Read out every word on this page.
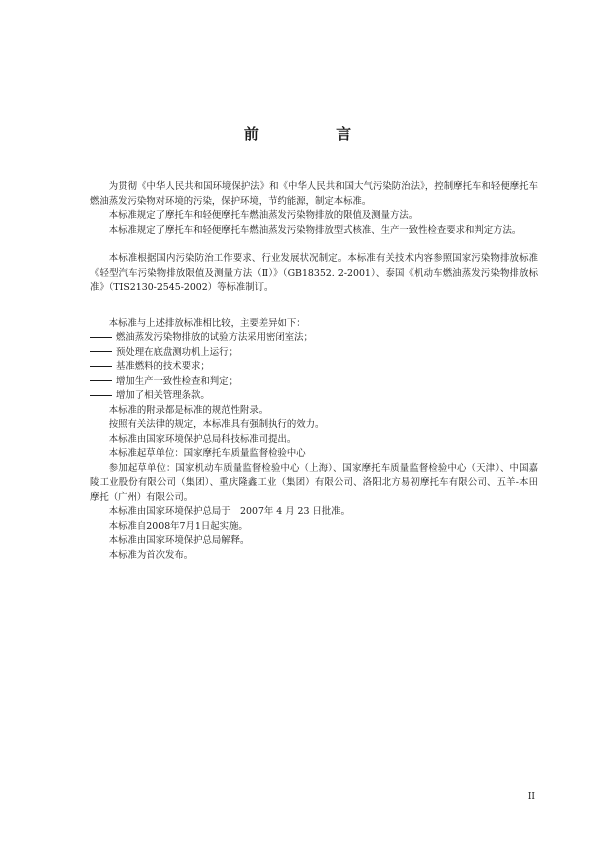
前 言

为贯彻《中华人民共和国环境保护法》和《中华人民共和国大气污染防治法》，控制摩托车和轻便摩托车燃油蒸发污染物对环境的污染，保护环境，节约能源，制定本标准。

本标准规定了摩托车和轻便摩托车燃油蒸发污染物排放的限值及测量方法。

本标准规定了摩托车和轻便摩托车燃油蒸发污染物排放型式核准、生产一致性检查要求和判定方法。

本标准根据国内污染防治工作要求、行业发展状况制定。本标准有关技术内容参照国家污染物排放标准《轻型汽车污染物排放限值及测量方法（Ⅱ）》（GB18352. 2-2001）、泰国《机动车燃油蒸发污染物排放标准》（TIS2130-2545-2002）等标准制订。

本标准与上述排放标准相比较，主要差异如下：

燃油蒸发污染物排放的试验方法采用密闭室法；
预处理在底盘测功机上运行；
基准燃料的技术要求；
增加生产一致性检查和判定；
增加了相关管理条款。

本标准的附录都是标准的规范性附录。

按照有关法律的规定，本标准具有强制执行的效力。

本标准由国家环境保护总局科技标准司提出。

本标准起草单位：国家摩托车质量监督检验中心

参加起草单位：国家机动车质量监督检验中心（上海）、国家摩托车质量监督检验中心（天津）、中国嘉陵工业股份有限公司（集团）、重庆隆鑫工业（集团）有限公司、洛阳北方易初摩托车有限公司、五羊-本田摩托（广州）有限公司。

本标准由国家环境保护总局于　2007年 4 月 23 日批准。

本标准自2008年7月1日起实施。

本标准由国家环境保护总局解释。

本标准为首次发布。

II
